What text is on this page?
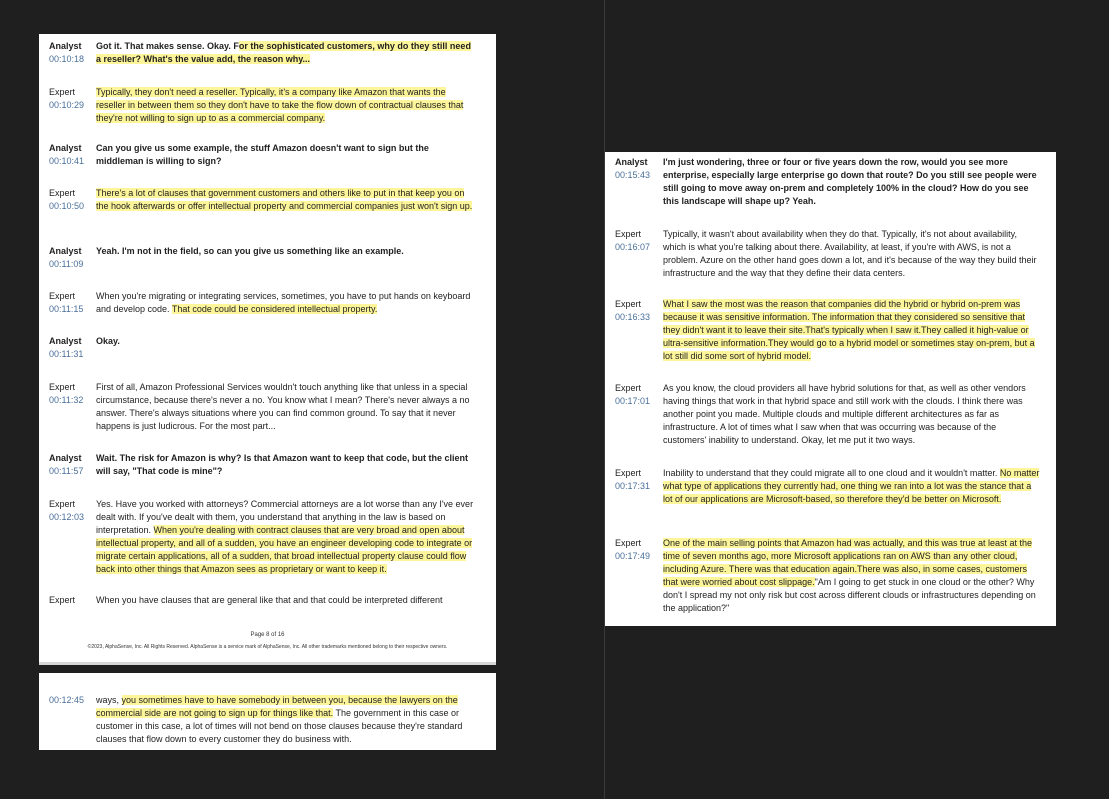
Page 8 of 16
©2023, AlphaSense, Inc. All Rights Reserved. AlphaSense is a service mark of AlphaSense, Inc. All other trademarks mentioned belong to their respective owners.
Analyst
00:10:18
Got it. That makes sense. Okay. For the sophisticated customers, why do they still need a reseller? What's the value add, the reason why...
Expert
00:10:29
Typically, they don't need a reseller. Typically, it's a company like Amazon that wants the reseller in between them so they don't have to take the flow down of contractual clauses that they're not willing to sign up to as a commercial company.
Analyst
00:10:41
Can you give us some example, the stuff Amazon doesn't want to sign but the middleman is willing to sign?
Expert
00:10:50
There's a lot of clauses that government customers and others like to put in that keep you on the hook afterwards or offer intellectual property and commercial companies just won't sign up.
Analyst
00:11:09
Yeah. I'm not in the field, so can you give us something like an example.
Expert
00:11:15
When you're migrating or integrating services, sometimes, you have to put hands on keyboard and develop code. That code could be considered intellectual property.
Analyst
00:11:31
Okay.
Expert
00:11:32
First of all, Amazon Professional Services wouldn't touch anything like that unless in a special circumstance, because there's never a no. You know what I mean? There's never always a no answer. There's always situations where you can find common ground. To say that it never happens is just ludicrous. For the most part...
Analyst
00:11:57
Wait. The risk for Amazon is why? Is that Amazon want to keep that code, but the client will say, "That code is mine"?
Expert
00:12:03
Yes. Have you worked with attorneys? Commercial attorneys are a lot worse than any I've ever dealt with. If you've dealt with them, you understand that anything in the law is based on interpretation. When you're dealing with contract clauses that are very broad and open about intellectual property, and all of a sudden, you have an engineer developing code to integrate or migrate certain applications, all of a sudden, that broad intellectual property clause could flow back into other things that Amazon sees as proprietary or want to keep it.
Expert	When you have clauses that are general like that and that could be interpreted different
00:12:45	ways, you sometimes have to have somebody in between you, because the lawyers on the commercial side are not going to sign up for things like that. The government in this case or customer in this case, a lot of times will not bend on those clauses because they're standard clauses that flow down to every customer they do business with.
Analyst
00:15:43
I'm just wondering, three or four or five years down the row, would you see more enterprise, especially large enterprise go down that route? Do you still see people were still going to move away on-prem and completely 100% in the cloud? How do you see this landscape will shape up? Yeah.
Expert
00:16:07
Typically, it wasn't about availability when they do that. Typically, it's not about availability, which is what you're talking about there. Availability, at least, if you're with AWS, is not a problem. Azure on the other hand goes down a lot, and it's because of the way they build their infrastructure and the way that they define their data centers.
Expert
00:16:33
What I saw the most was the reason that companies did the hybrid or hybrid on-prem was because it was sensitive information. The information that they considered so sensitive that they didn't want it to leave their site.That's typically when I saw it.They called it high-value or ultra-sensitive information.They would go to a hybrid model or sometimes stay on-prem, but a lot still did some sort of hybrid model.
Expert
00:17:01
As you know, the cloud providers all have hybrid solutions for that, as well as other vendors having things that work in that hybrid space and still work with the clouds. I think there was another point you made. Multiple clouds and multiple different architectures as far as infrastructure. A lot of times what I saw when that was occurring was because of the customers' inability to understand. Okay, let me put it two ways.
Expert
00:17:31
Inability to understand that they could migrate all to one cloud and it wouldn't matter. No matter what type of applications they currently had, one thing we ran into a lot was the stance that a lot of our applications are Microsoft-based, so therefore they'd be better on Microsoft.
Expert
00:17:49
One of the main selling points that Amazon had was actually, and this was true at least at the time of seven months ago, more Microsoft applications ran on AWS than any other cloud, including Azure. There was that education again.There was also, in some cases, customers that were worried about cost slippage."Am I going to get stuck in one cloud or the other? Why don't I spread my not only risk but cost across different clouds or infrastructures depending on the application?"
